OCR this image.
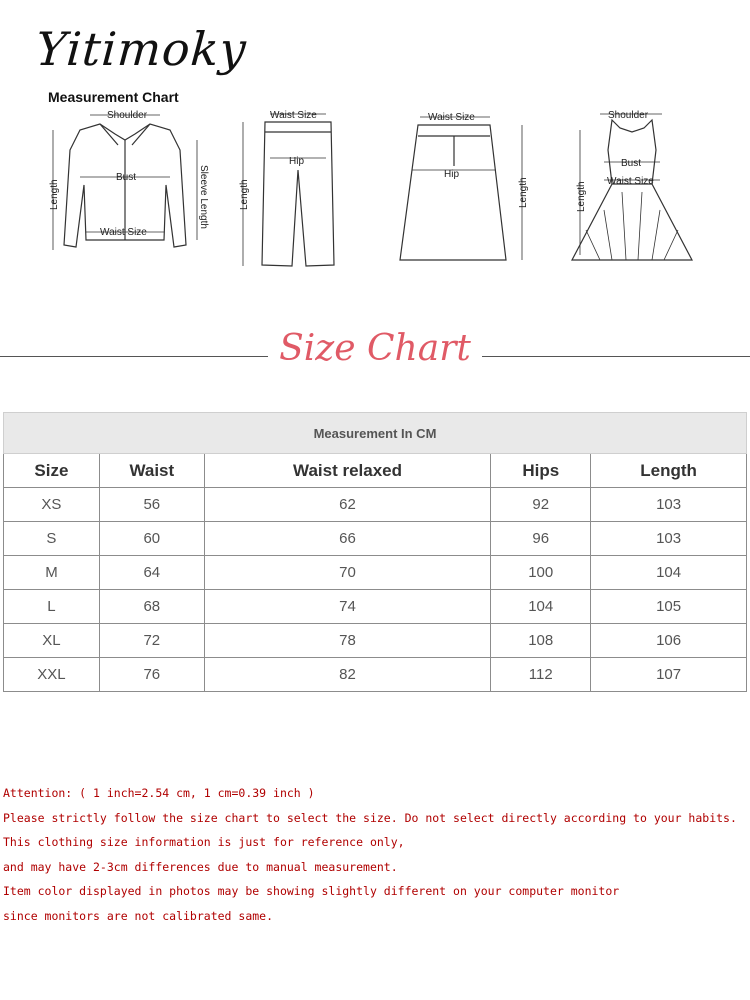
Yitimoky
Measurement Chart
Shoulder
Bust
Waist Size
Length	Sleeve Length
Waist Size
Hip
Length
Waist Size
Hip
Length
Shoulder
Bust
Waist Size
Length
Size Chart
Measurement In CM				
Size	Waist	Waist relaxed	Hips	Length
XS	56	62	92	103
S	60	66	96	103
M	64	70	100	104
L	68	74	104	105
XL	72	78	108	106
XXL	76	82	112	107
Attention: ( 1 inch=2.54 cm, 1 cm=0.39 inch )
Please strictly follow the size chart to select the size. Do not select directly according to your habits.
This clothing size information is just for reference only,
and may have 2-3cm differences due to manual measurement.
Item color displayed in photos may be showing slightly different on your computer monitor
since monitors are not calibrated same.
